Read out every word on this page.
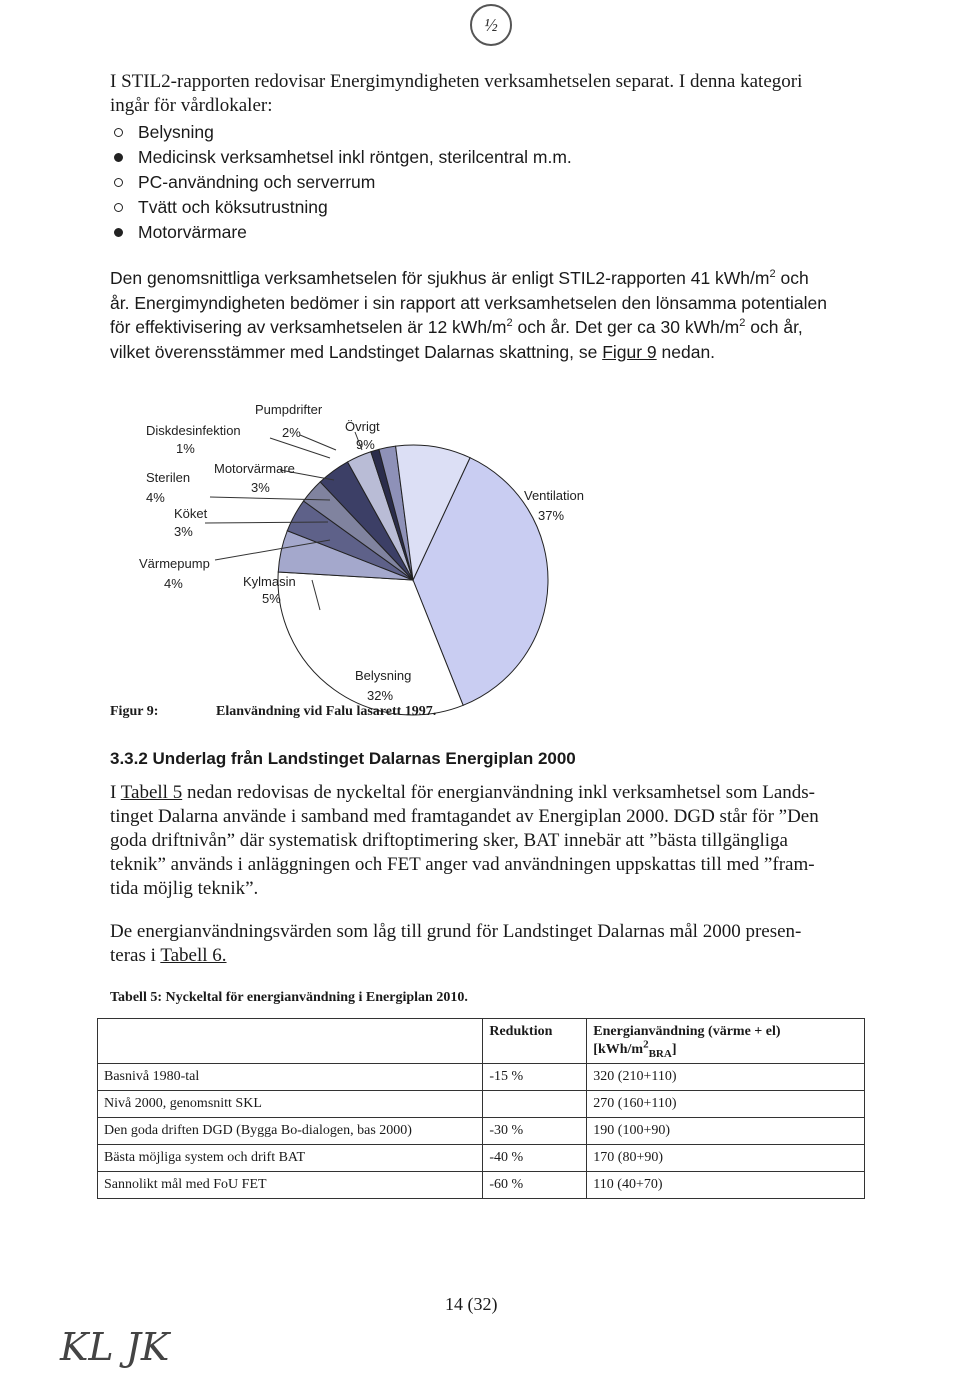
½

I STIL2-rapporten redovisar Energimyndigheten verksamhetselen separat. I denna kategori

ingår för vårdlokaler:

Belysning
Medicinsk verksamhetsel inkl röntgen, sterilcentral m.m.
PC-användning och serverrum
Tvätt och köksutrustning
Motorvärmare
Den genomsnittliga verksamhetselen för sjukhus är enligt STIL2-rapporten 41 kWh/$m^2$ och
år. Energimyndigheten bedömer i sin rapport att verksamhetselen den lönsamma potentialen
för effektivisering av verksamhetselen är 12 kWh/$m^2$ och år. Det ger ca 30 kWh/$m^2$ och år,
vilket överensstämmer med Landstinget Dalarnas skattning, se Figur 9 nedan.
Pumpdrifter
2%
Diskdesinfektion
1%
Övrigt
9%
Motorvärmare
3%
Sterilen
4%
Köket
3%
Ventilation
37%
Värmepump
4%	Kylmasin
5%
Belysning
32%
Figur 9:	Elanvändning vid Falu lasarett 1997.
3.3.2 Underlag från Landstinget Dalarnas Energiplan 2000
I Tabell 5 nedan redovisas de nyckeltal för energianvändning inkl verksamhetsel som Lands-
tinget Dalarna använde i samband med framtagandet av Energiplan 2000. DGD står för ”Den
goda driftnivån” där systematisk driftoptimering sker, BAT innebär att ”bästa tillgängliga
teknik” används i anläggningen och FET anger vad användningen uppskattas till med ”fram-
tida möjlig teknik”.
De energianvändningsvärden som låg till grund för Landstinget Dalarnas mål 2000 presen-
teras i Tabell 6.
Tabell 5: Nyckeltal för energianvändning i Energiplan 2010.
	Reduktion	Energianvändning (värme + el)
$[kWh/m^2_{BRA}]$
Basnivå 1980-tal	-15 %	320 (210+110)
Nivå 2000, genomsnitt SKL		270 (160+110)
Den goda driften DGD (Bygga Bo-dialogen, bas 2000)	-30 %	190 (100+90)
Bästa möjliga system och drift BAT	-40 %	170 (80+90)
Sannolikt mål med FoU FET	-60 %	110 (40+70)
14 (32)
KL JK
